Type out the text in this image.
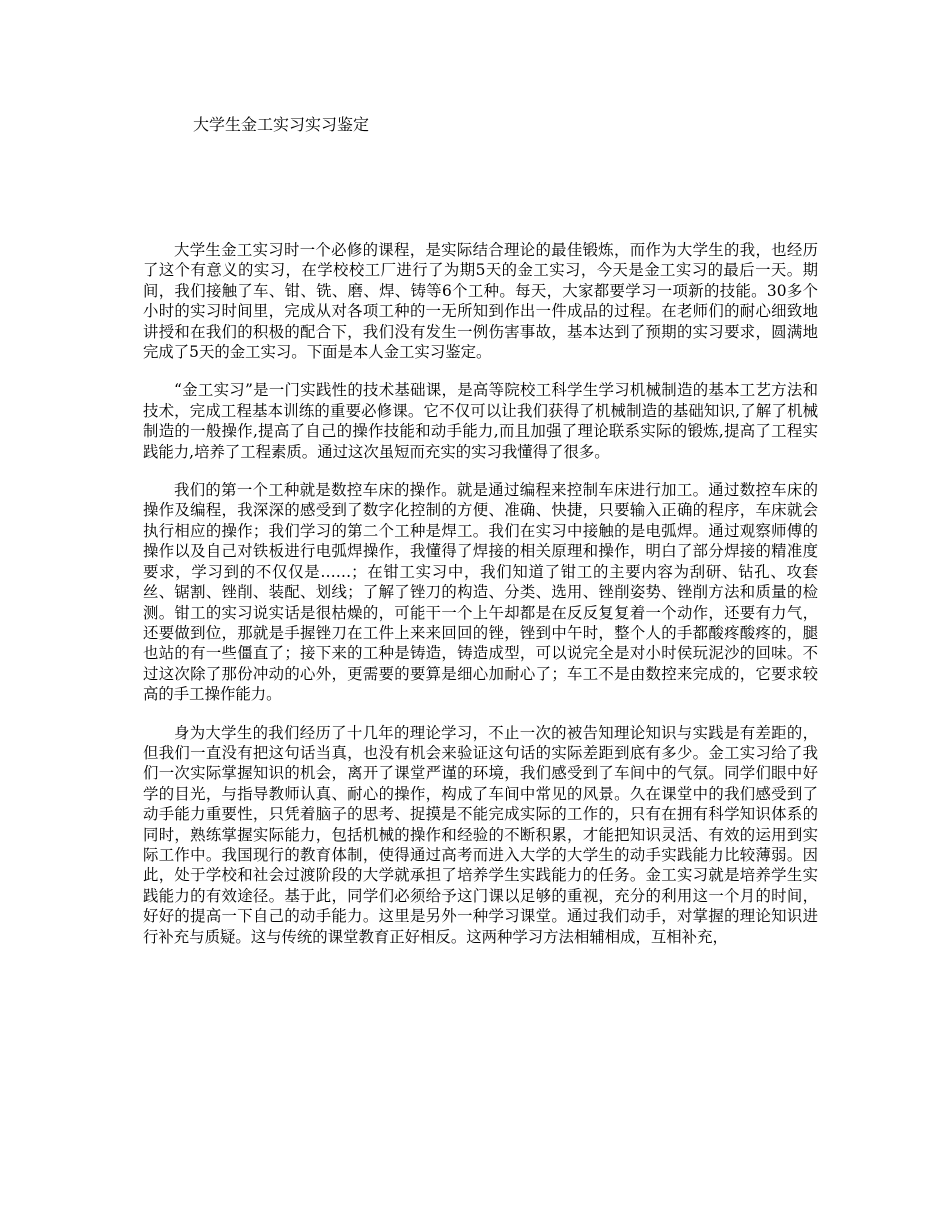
大学生金工实习实习鉴定

大学生金工实习时一个必修的课程，是实际结合理论的最佳锻炼，而作为大学生的我，也经历了这个有意义的实习，在学校校工厂进行了为期5天的金工实习，今天是金工实习的最后一天。期间，我们接触了车、钳、铣、磨、焊、铸等6个工种。每天，大家都要学习一项新的技能。30多个小时的实习时间里，完成从对各项工种的一无所知到作出一件成品的过程。在老师们的耐心细致地讲授和在我们的积极的配合下，我们没有发生一例伤害事故，基本达到了预期的实习要求，圆满地完成了5天的金工实习。下面是本人金工实习鉴定。

“金工实习”是一门实践性的技术基础课，是高等院校工科学生学习机械制造的基本工艺方法和技术，完成工程基本训练的重要必修课。它不仅可以让我们获得了机械制造的基础知识,了解了机械制造的一般操作,提高了自己的操作技能和动手能力,而且加强了理论联系实际的锻炼,提高了工程实践能力,培养了工程素质。通过这次虽短而充实的实习我懂得了很多。

我们的第一个工种就是数控车床的操作。就是通过编程来控制车床进行加工。通过数控车床的操作及编程，我深深的感受到了数字化控制的方便、准确、快捷，只要输入正确的程序，车床就会执行相应的操作；我们学习的第二个工种是焊工。我们在实习中接触的是电弧焊。通过观察师傅的操作以及自己对铁板进行电弧焊操作，我懂得了焊接的相关原理和操作，明白了部分焊接的精准度要求，学习到的不仅仅是……；在钳工实习中，我们知道了钳工的主要内容为刮研、钻孔、攻套丝、锯割、锉削、装配、划线；了解了锉刀的构造、分类、选用、锉削姿势、锉削方法和质量的检测。钳工的实习说实话是很枯燥的，可能干一个上午却都是在反反复复着一个动作，还要有力气，还要做到位，那就是手握锉刀在工件上来来回回的锉，锉到中午时，整个人的手都酸疼酸疼的，腿也站的有一些僵直了；接下来的工种是铸造，铸造成型，可以说完全是对小时侯玩泥沙的回味。不过这次除了那份冲动的心外，更需要的要算是细心加耐心了；车工不是由数控来完成的，它要求较高的手工操作能力。

身为大学生的我们经历了十几年的理论学习，不止一次的被告知理论知识与实践是有差距的，但我们一直没有把这句话当真，也没有机会来验证这句话的实际差距到底有多少。金工实习给了我们一次实际掌握知识的机会，离开了课堂严谨的环境，我们感受到了车间中的气氛。同学们眼中好学的目光，与指导教师认真、耐心的操作，构成了车间中常见的风景。久在课堂中的我们感受到了动手能力重要性，只凭着脑子的思考、捉摸是不能完成实际的工作的，只有在拥有科学知识体系的同时，熟练掌握实际能力，包括机械的操作和经验的不断积累，才能把知识灵活、有效的运用到实际工作中。我国现行的教育体制，使得通过高考而进入大学的大学生的动手实践能力比较薄弱。因此，处于学校和社会过渡阶段的大学就承担了培养学生实践能力的任务。金工实习就是培养学生实践能力的有效途径。基于此，同学们必须给予这门课以足够的重视，充分的利用这一个月的时间，好好的提高一下自己的动手能力。这里是另外一种学习课堂。通过我们动手，对掌握的理论知识进行补充与质疑。这与传统的课堂教育正好相反。这两种学习方法相辅相成，互相补充，
